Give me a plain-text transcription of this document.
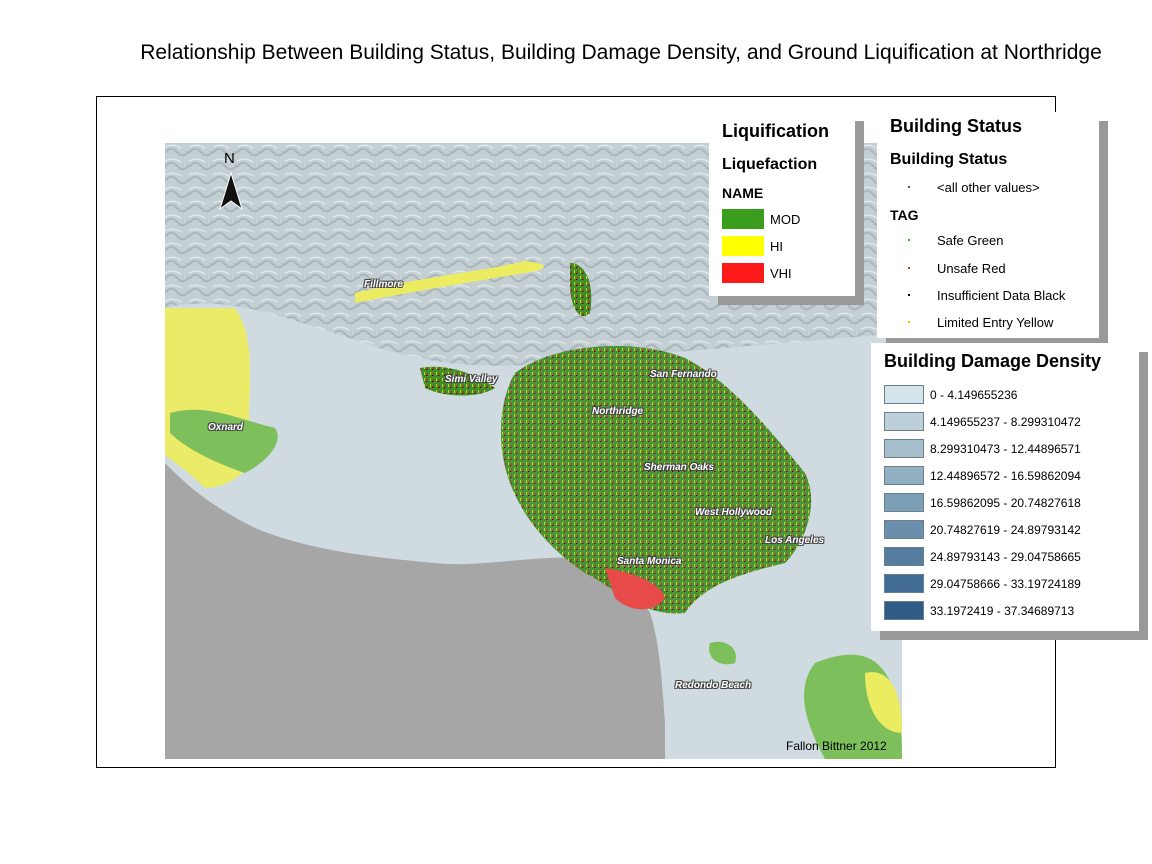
Relationship Between Building Status, Building Damage Density, and Ground Liquification at Northridge
N
Fillmore
Simi Valley	San Fernando
Northridge
Oxnard
Sherman Oaks
West Hollywood
Los Angeles
Santa Monica
Redondo Beach
Fallon Bittner 2012
Liquification
Liquefaction
NAME
MOD
HI
VHI
Building Status
Building Status
<all other values>
TAG
Safe Green
Unsafe Red
Insufficient Data Black
Limited Entry Yellow
Building Damage Density
0 - 4.149655236
4.149655237 - 8.299310472
8.299310473 - 12.44896571
12.44896572 - 16.59862094
16.59862095 - 20.74827618
20.74827619 - 24.89793142
24.89793143 - 29.04758665
29.04758666 - 33.19724189
33.1972419 - 37.34689713
